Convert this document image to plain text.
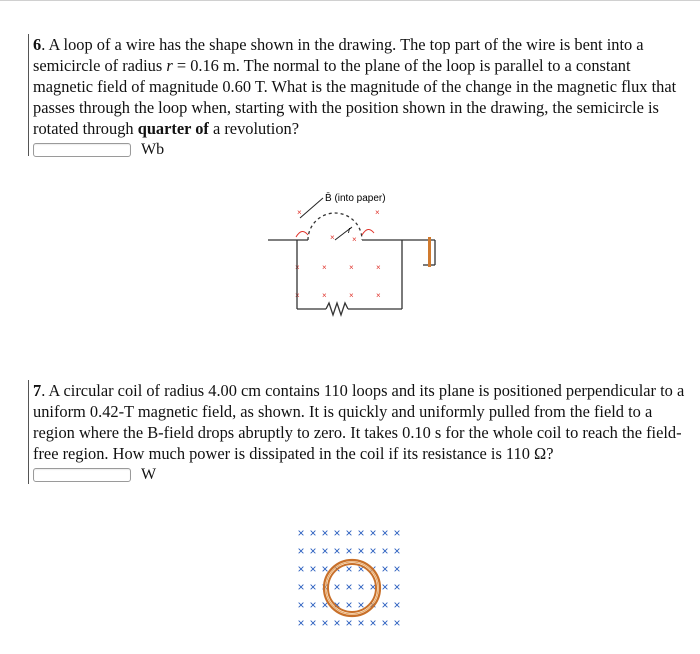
6. A loop of a wire has the shape shown in the drawing. The top part of the wire is bent into a semicircle of radius r = 0.16 m. The normal to the plane of the loop is parallel to a constant magnetic field of magnitude 0.60 T. What is the magnitude of the change in the magnetic flux that passes through the loop when, starting with the position shown in the drawing, the semicircle is rotated through quarter of a revolution?

Wb
B̄ (into paper)
×	×
× ×
×	×	×	×
×	×	×	×
r

7. A circular coil of radius 4.00 cm contains 110 loops and its plane is positioned perpendicular to a uniform 0.42-T magnetic field, as shown. It is quickly and uniformly pulled from the field to a region where the B-field drops abruptly to zero. It takes 0.10 s for the whole coil to reach the field-free region. How much power is dissipated in the coil if its resistance is 110 Ω?

W
× × × × × × × × ×
× × × × × × × × ×
× × × × × × × × ×
× × × × × × × × ×
× × × × × × × × ×
× × × × × × × × ×
